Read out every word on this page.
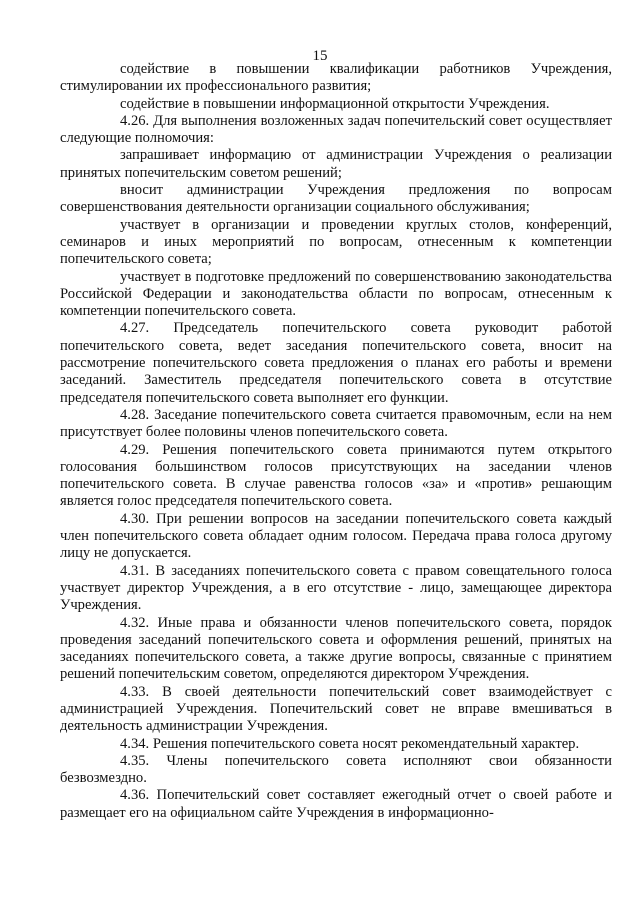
15

содействие в повышении квалификации работников Учреждения, стимулировании их профессионального развития;

содействие в повышении информационной открытости Учреждения.

4.26. Для выполнения возложенных задач попечительский совет осуществляет следующие полномочия:

запрашивает информацию от администрации Учреждения о реализации принятых попечительским советом решений;

вносит администрации Учреждения предложения по вопросам совершенствования деятельности организации социального обслуживания;

участвует в организации и проведении круглых столов, конференций, семинаров и иных мероприятий по вопросам, отнесенным к компетенции попечительского совета;

участвует в подготовке предложений по совершенствованию законодательства Российской Федерации и законодательства области по вопросам, отнесенным к компетенции попечительского совета.

4.27. Председатель попечительского совета руководит работой попечительского совета, ведет заседания попечительского совета, вносит на рассмотрение попечительского совета предложения о планах его работы и времени заседаний. Заместитель председателя попечительского совета в отсутствие председателя попечительского совета выполняет его функции.

4.28. Заседание попечительского совета считается правомочным, если на нем присутствует более половины членов попечительского совета.

4.29. Решения попечительского совета принимаются путем открытого голосования большинством голосов присутствующих на заседании членов попечительского совета. В случае равенства голосов «за» и «против» решающим является голос председателя попечительского совета.

4.30. При решении вопросов на заседании попечительского совета каждый член попечительского совета обладает одним голосом. Передача права голоса другому лицу не допускается.

4.31. В заседаниях попечительского совета с правом совещательного голоса участвует директор Учреждения, а в его отсутствие - лицо, замещающее директора Учреждения.

4.32. Иные права и обязанности членов попечительского совета, порядок проведения заседаний попечительского совета и оформления решений, принятых на заседаниях попечительского совета, а также другие вопросы, связанные с принятием решений попечительским советом, определяются директором Учреждения.

4.33. В своей деятельности попечительский совет взаимодействует с администрацией Учреждения. Попечительский совет не вправе вмешиваться в деятельность администрации Учреждения.

4.34. Решения попечительского совета носят рекомендательный характер.

4.35. Члены попечительского совета исполняют свои обязанности безвозмездно.

4.36. Попечительский совет составляет ежегодный отчет о своей работе и размещает его на официальном сайте Учреждения в информационно-
